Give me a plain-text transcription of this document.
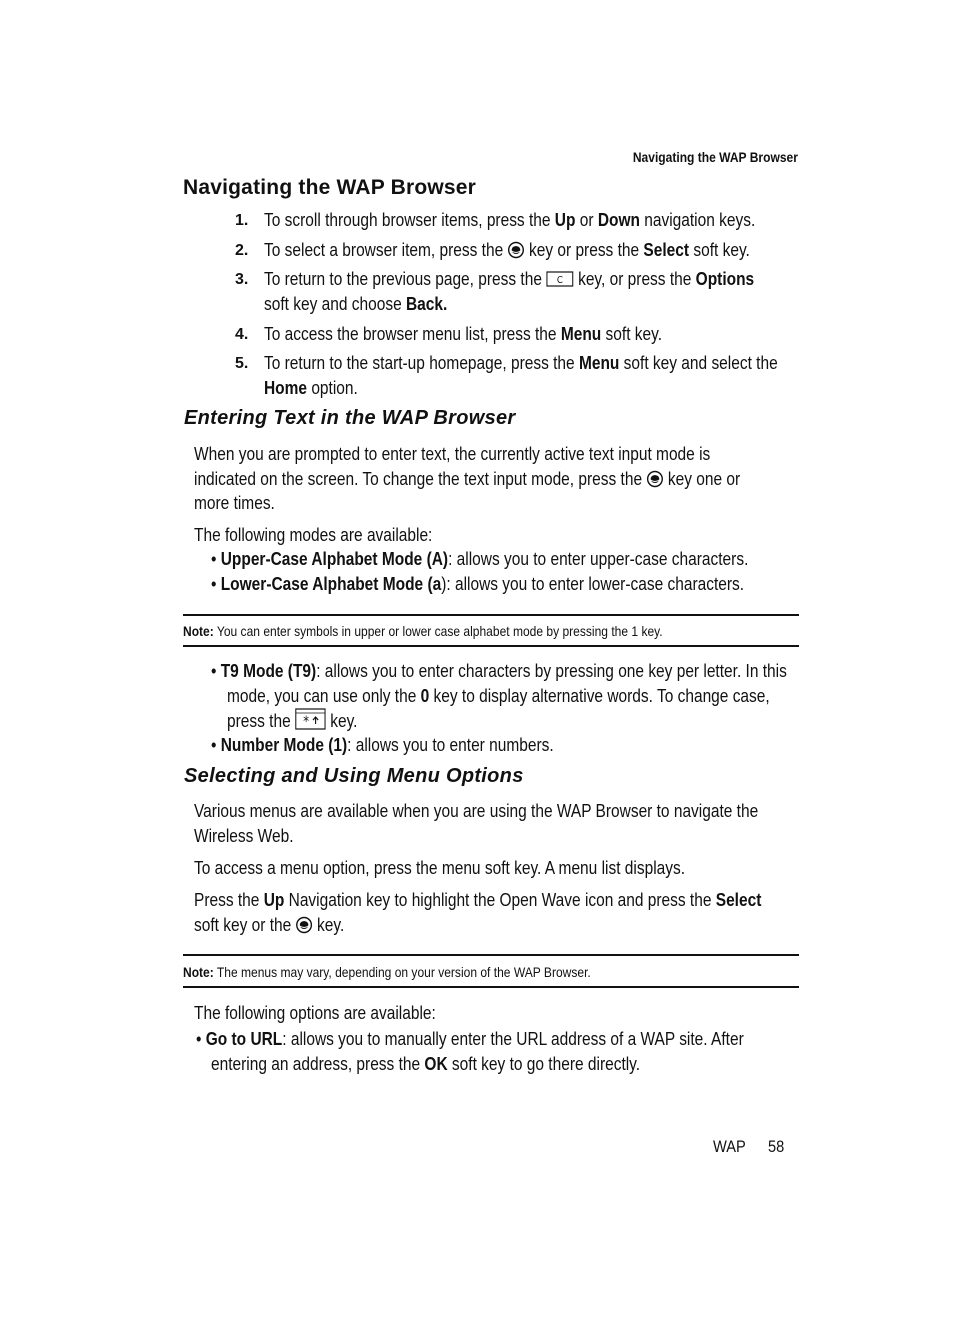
Navigating the WAP Browser
Navigating the WAP Browser
1. To scroll through browser items, press the Up or Down navigation keys.
2. To select a browser item, press the  key or press the Select soft key.
3. To return to the previous page, press the C key, or press the Options
soft key and choose Back.
4. To access the browser menu list, press the Menu soft key.
5. To return to the start-up homepage, press the Menu soft key and select the
Home option.
Entering Text in the WAP Browser
When you are prompted to enter text, the currently active text input mode is
indicated on the screen. To change the text input mode, press the  key one or
more times.
The following modes are available:
• Upper-Case Alphabet Mode (A): allows you to enter upper-case characters.
• Lower-Case Alphabet Mode (a): allows you to enter lower-case characters.
Note: You can enter symbols in upper or lower case alphabet mode by pressing the 1 key.
• T9 Mode (T9): allows you to enter characters by pressing one key per letter. In this
mode, you can use only the 0 key to display alternative words. To change case,
press the * key.
• Number Mode (1): allows you to enter numbers.
Selecting and Using Menu Options
Various menus are available when you are using the WAP Browser to navigate the
Wireless Web.
To access a menu option, press the menu soft key. A menu list displays.
Press the Up Navigation key to highlight the Open Wave icon and press the Select
soft key or the  key.
Note: The menus may vary, depending on your version of the WAP Browser.
The following options are available:
• Go to URL: allows you to manually enter the URL address of a WAP site. After
entering an address, press the OK soft key to go there directly.
WAP 58
